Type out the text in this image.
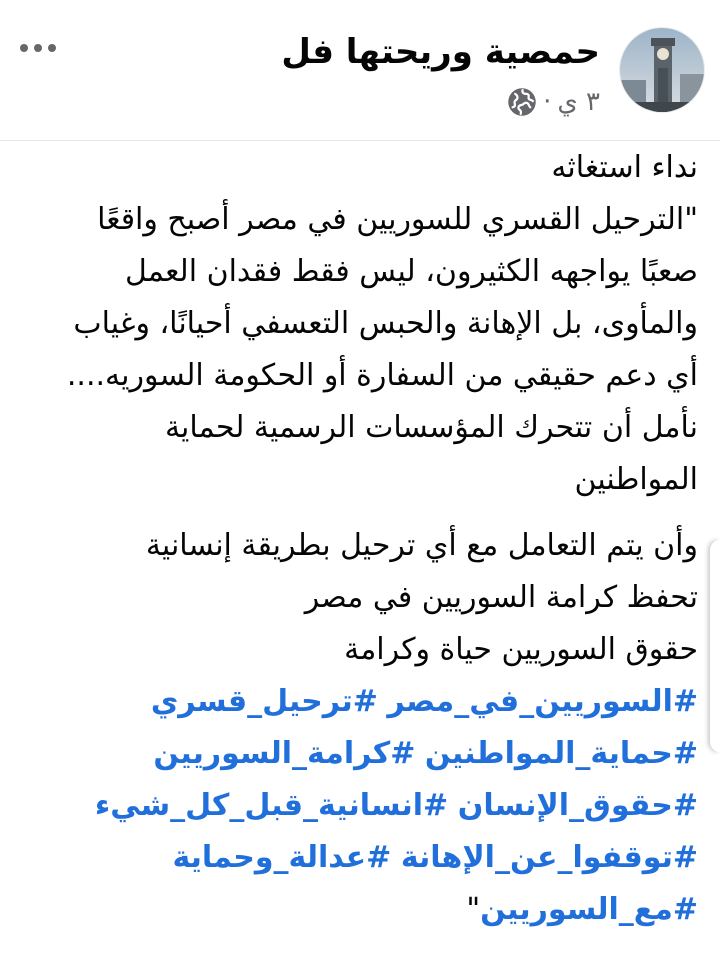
حمصية وريحتها فل
٣ ي
·
نداء استغاثه
"الترحيل القسري للسوريين في مصر أصبح واقعًا
صعبًا يواجهه الكثيرون، ليس فقط فقدان العمل
والمأوى، بل الإهانة والحبس التعسفي أحيانًا، وغياب
أي دعم حقيقي من السفارة أو الحكومة السوريه....
نأمل أن تتحرك المؤسسات الرسمية لحماية
المواطنين
وأن يتم التعامل مع أي ترحيل بطريقة إنسانية
تحفظ كرامة السوريين في مصر
حقوق السوريين حياة وكرامة
#السوريين_في_مصر #ترحيل_قسري
#حماية_المواطنين #كرامة_السوريين
#حقوق_الإنسان #انسانية_قبل_كل_شيء
#توقفوا_عن_الإهانة #عدالة_وحماية
#مع_السوريين"
